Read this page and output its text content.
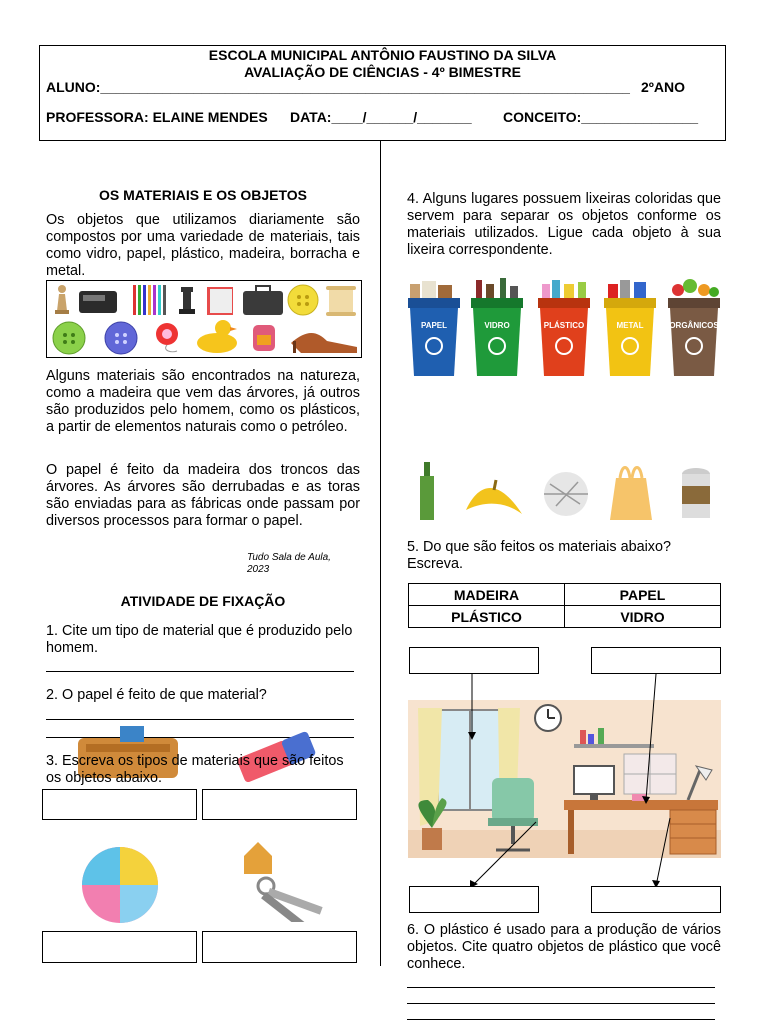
ESCOLA MUNICIPAL ANTÔNIO FAUSTINO DA SILVA
AVALIAÇÃO DE CIÊNCIAS - 4º BIMESTRE
ALUNO:____________________________________________________________________ 2ºANO
PROFESSORA: ELAINE MENDES DATA:____/______/_______ CONCEITO:_______________
OS MATERIAIS E OS OBJETOS
Os objetos que utilizamos diariamente são compostos por uma variedade de materiais, tais como vidro, papel, plástico, madeira, borracha e metal.
Alguns materiais são encontrados na natureza, como a madeira que vem das árvores, já outros são produzidos pelo homem, como os plásticos, a partir de elementos naturais como o petróleo.
O papel é feito da madeira dos troncos das árvores. As árvores são derrubadas e as toras são enviadas para as fábricas onde passam por diversos processos para formar o papel.
Tudo Sala de Aula,
2023
ATIVIDADE DE FIXAÇÃO
1. Cite um tipo de material que é produzido pelo homem.
2. O papel é feito de que material?
3. Escreva os tipos de materiais que são feitos os objetos abaixo.
4. Alguns lugares possuem lixeiras coloridas que servem para separar os objetos conforme os materiais utilizados. Ligue cada objeto à sua lixeira correspondente.
PAPEL	VIDRO	PLÁSTICO	METAL	ORGÂNICOS
5. Do que são feitos os materiais abaixo? Escreva.
MADEIRA	PAPEL
PLÁSTICO	VIDRO
6. O plástico é usado para a produção de vários objetos. Cite quatro objetos de plástico que você conhece.
